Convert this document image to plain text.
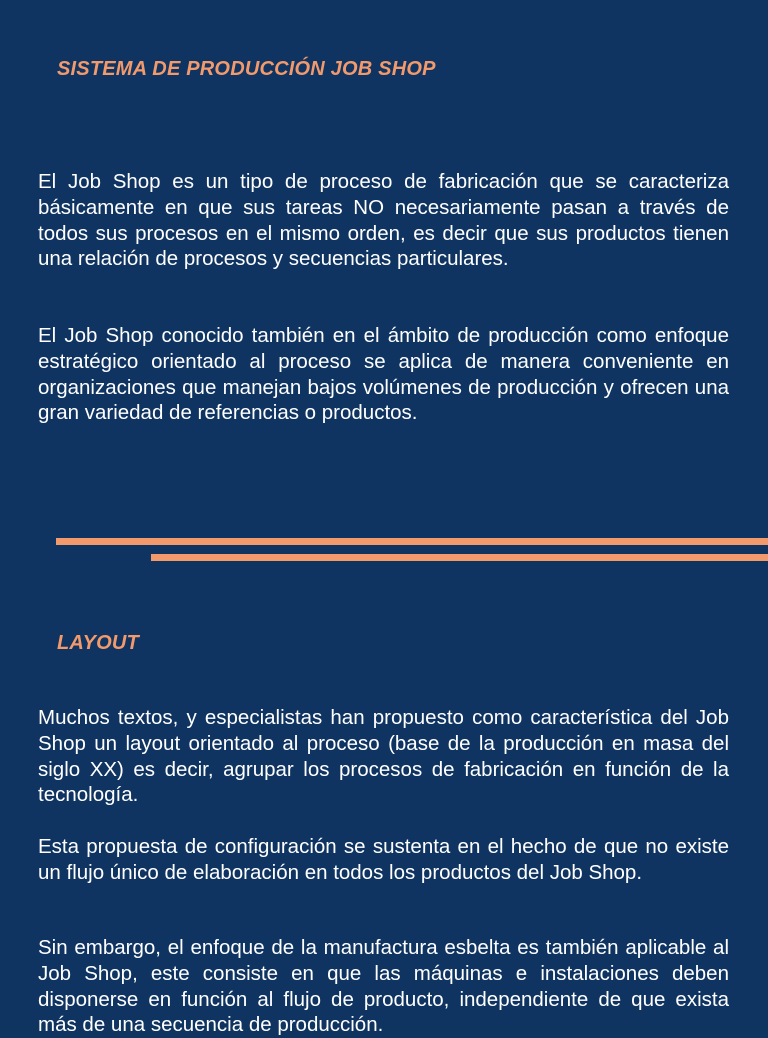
SISTEMA DE PRODUCCIÓN JOB SHOP

El Job Shop es un tipo de proceso de fabricación que se caracteriza básicamente en que sus tareas NO necesariamente pasan a través de todos sus procesos en el mismo orden, es decir que sus productos tienen una relación de procesos y secuencias particulares.

El Job Shop conocido también en el ámbito de producción como enfoque estratégico orientado al proceso se aplica de manera conveniente en organizaciones que manejan bajos volúmenes de producción y ofrecen una gran variedad de referencias o productos.

LAYOUT

Muchos textos, y especialistas han propuesto como característica del Job Shop un layout orientado al proceso (base de la producción en masa del siglo XX) es decir, agrupar los procesos de fabricación en función de la tecnología.

Esta propuesta de configuración se sustenta en el hecho de que no existe un flujo único de elaboración en todos los productos del Job Shop.

Sin embargo, el enfoque de la manufactura esbelta es también aplicable al Job Shop, este consiste en que las máquinas e instalaciones deben disponerse en función al flujo de producto, independiente de que exista más de una secuencia de producción.
